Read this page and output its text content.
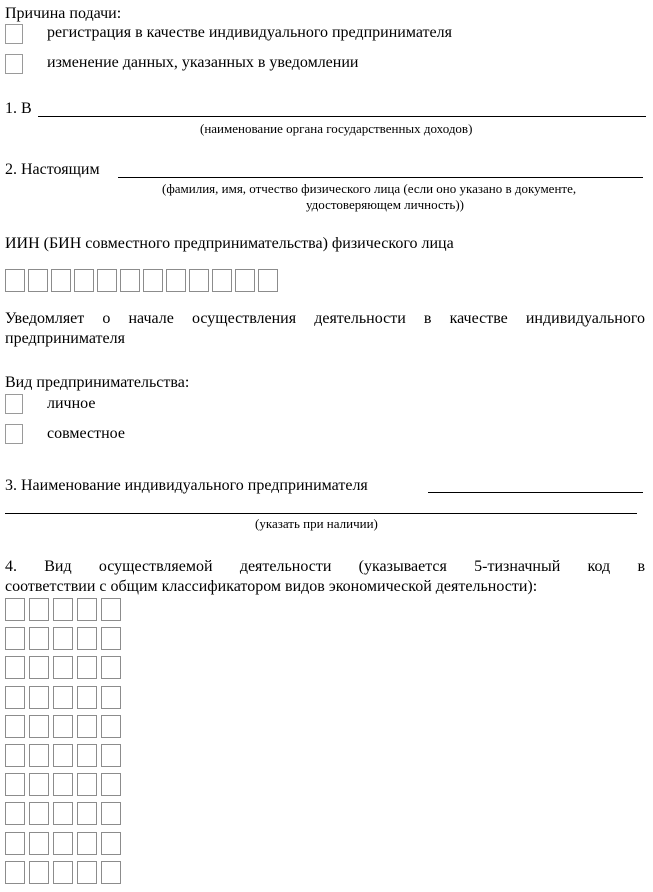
Причина подачи:
регистрация в качестве индивидуального предпринимателя
изменение данных, указанных в уведомлении
1. В
(наименование органа государственных доходов)
2. Настоящим
(фамилия, имя, отчество физического лица (если оно указано в документе,
удостоверяющем личность))
ИИН (БИН совместного предпринимательства) физического лица
Уведомляет о начале осуществления деятельности в качестве индивидуального
предпринимателя
Вид предпринимательства:
личное
совместное
3. Наименование индивидуального предпринимателя
(указать при наличии)
4. Вид осуществляемой деятельности (указывается 5-тизначный код в
соответствии с общим классификатором видов экономической деятельности):
